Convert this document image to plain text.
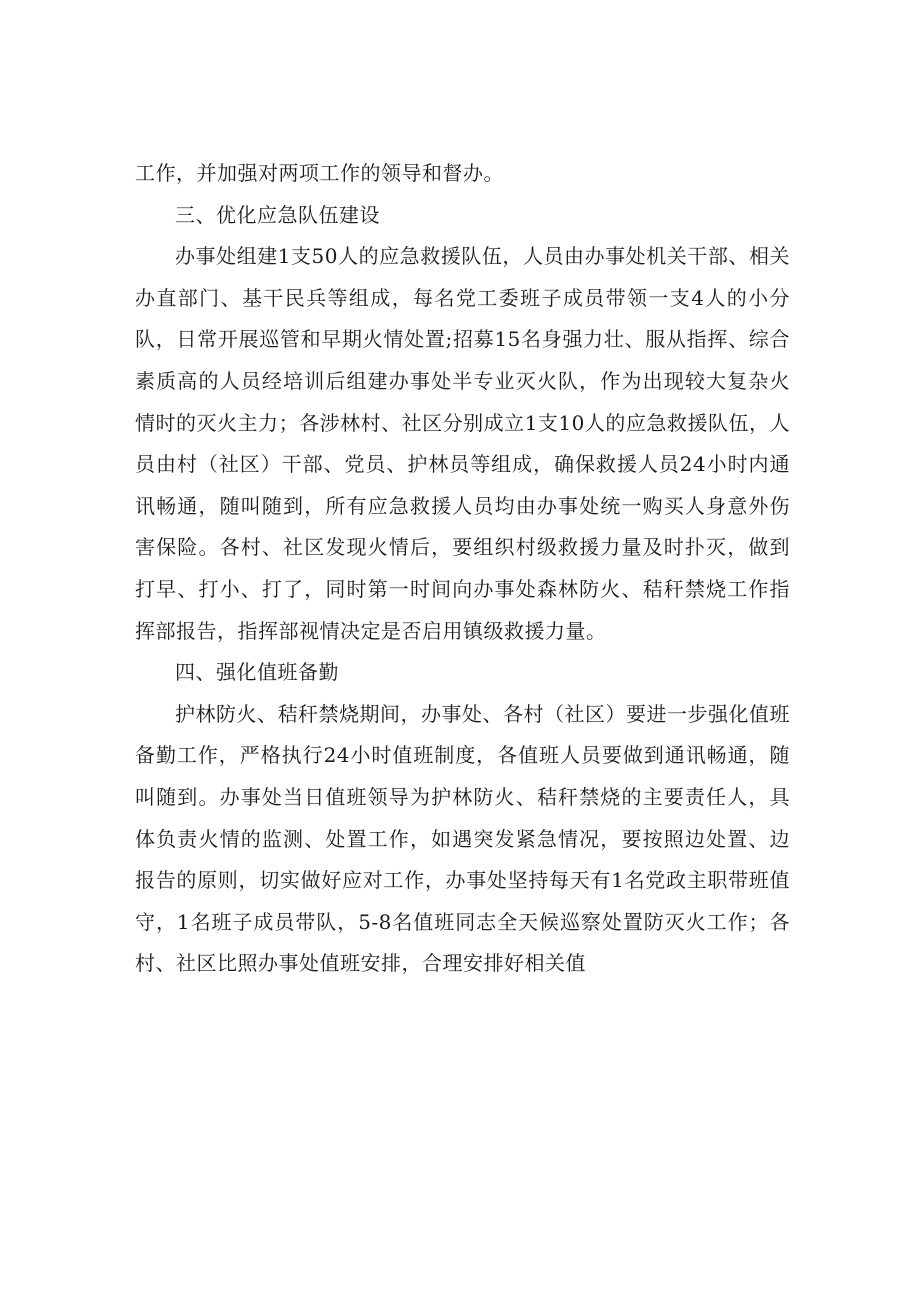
工作，并加强对两项工作的领导和督办。

三、优化应急队伍建设

办事处组建1支50人的应急救援队伍，人员由办事处机关干部、相关办直部门、基干民兵等组成，每名党工委班子成员带领一支4人的小分队，日常开展巡管和早期火情处置;招募15名身强力壮、服从指挥、综合素质高的人员经培训后组建办事处半专业灭火队，作为出现较大复杂火情时的灭火主力；各涉林村、社区分别成立1支10人的应急救援队伍，人员由村（社区）干部、党员、护林员等组成，确保救援人员24小时内通讯畅通，随叫随到，所有应急救援人员均由办事处统一购买人身意外伤害保险。各村、社区发现火情后，要组织村级救援力量及时扑灭，做到打早、打小、打了，同时第一时间向办事处森林防火、秸秆禁烧工作指挥部报告，指挥部视情决定是否启用镇级救援力量。

四、强化值班备勤

护林防火、秸秆禁烧期间，办事处、各村（社区）要进一步强化值班备勤工作，严格执行24小时值班制度，各值班人员要做到通讯畅通，随叫随到。办事处当日值班领导为护林防火、秸秆禁烧的主要责任人，具体负责火情的监测、处置工作，如遇突发紧急情况，要按照边处置、边报告的原则，切实做好应对工作，办事处坚持每天有1名党政主职带班值守，1名班子成员带队，5-8名值班同志全天候巡察处置防灭火工作；各村、社区比照办事处值班安排，合理安排好相关值
